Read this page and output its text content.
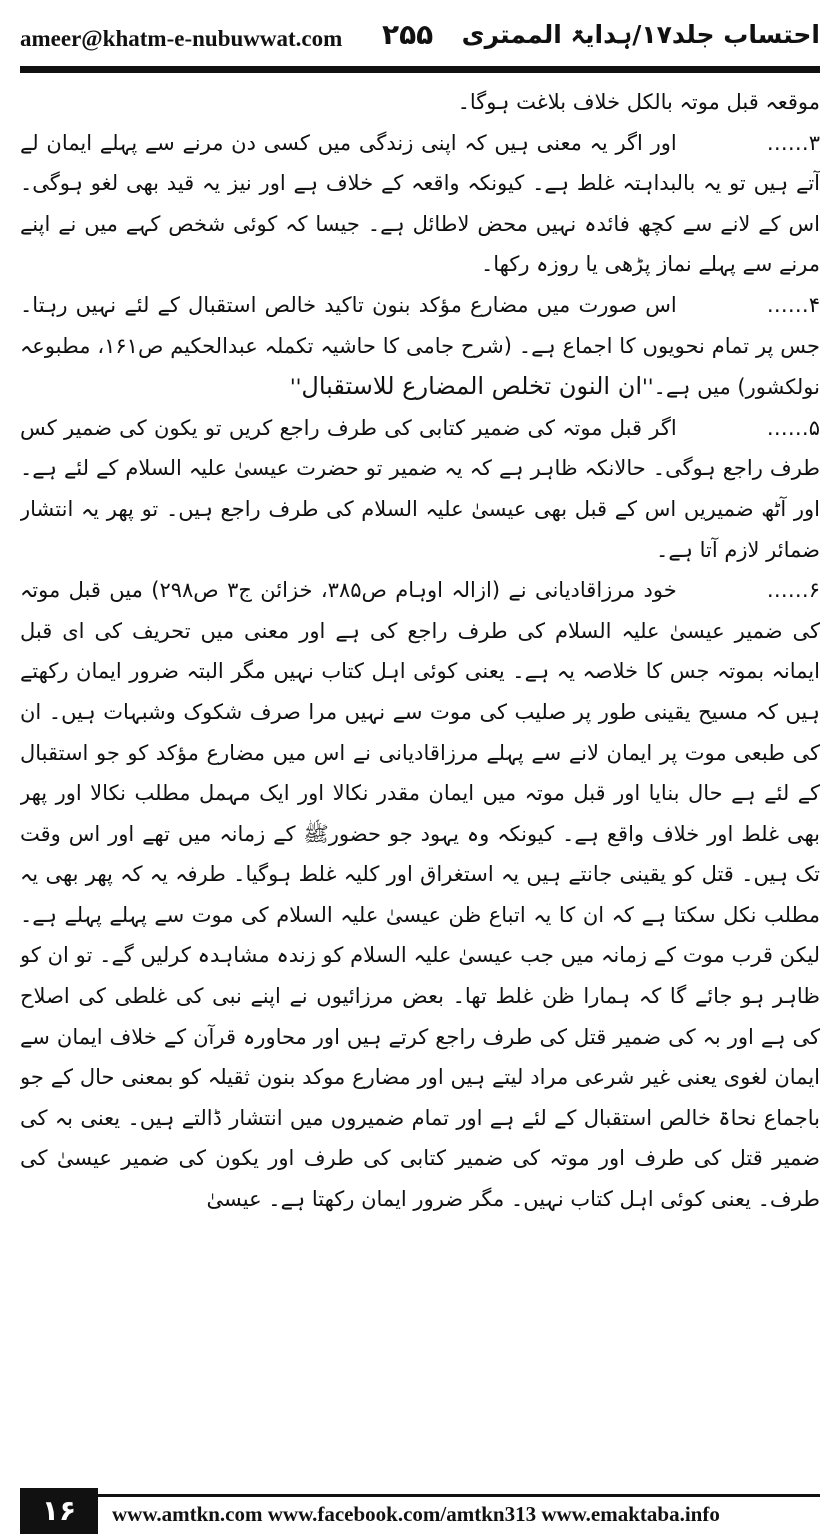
ameer@khatm-e-nubuwwat.com ۲۵۵ احتساب جلد۱۷/ہدایۃ الممتری

موقعہ قبل موتہ بالکل خلاف بلاغت ہوگا۔

۳……اور اگر یہ معنی ہیں کہ اپنی زندگی میں کسی دن مرنے سے پہلے ایمان لے آتے ہیں تو یہ بالبداہتہ غلط ہے۔ کیونکہ واقعہ کے خلاف ہے اور نیز یہ قید بھی لغو ہوگی۔ اس کے لانے سے کچھ فائدہ نہیں محض لاطائل ہے۔ جیسا کہ کوئی شخص کہے میں نے اپنے مرنے سے پہلے نماز پڑھی یا روزہ رکھا۔

۴……اس صورت میں مضارع مؤکد بنون تاکید خالص استقبال کے لئے نہیں رہتا۔ جس پر تمام نحویوں کا اجماع ہے۔ (شرح جامی کا حاشیہ تکملہ عبدالحکیم ص۱۶۱، مطبوعہ نولکشور) میں ہے۔''ان النون تخلص المضارع للاستقبال''

۵……اگر قبل موتہ کی ضمیر کتابی کی طرف راجع کریں تو یکون کی ضمیر کس طرف راجع ہوگی۔ حالانکہ ظاہر ہے کہ یہ ضمیر تو حضرت عیسیٰ علیہ السلام کے لئے ہے۔ اور آٹھ ضمیریں اس کے قبل بھی عیسیٰ علیہ السلام کی طرف راجع ہیں۔ تو پھر یہ انتشار ضمائر لازم آتا ہے۔

۶……خود مرزاقادیانی نے (ازالہ اوہام ص۳۸۵، خزائن ج۳ ص۲۹۸) میں قبل موتہ کی ضمیر عیسیٰ علیہ السلام کی طرف راجع کی ہے اور معنی میں تحریف کی ای قبل ایمانہ بموتہ جس کا خلاصہ یہ ہے۔ یعنی کوئی اہل کتاب نہیں مگر البتہ ضرور ایمان رکھتے ہیں کہ مسیح یقینی طور پر صلیب کی موت سے نہیں مرا صرف شکوک وشبہات ہیں۔ ان کی طبعی موت پر ایمان لانے سے پہلے مرزاقادیانی نے اس میں مضارع مؤکد کو جو استقبال کے لئے ہے حال بنایا اور قبل موتہ میں ایمان مقدر نکالا اور ایک مہمل مطلب نکالا اور پھر بھی غلط اور خلاف واقع ہے۔ کیونکہ وہ یہود جو حضورﷺ کے زمانہ میں تھے اور اس وقت تک ہیں۔ قتل کو یقینی جانتے ہیں یہ استغراق اور کلیہ غلط ہوگیا۔ طرفہ یہ کہ پھر بھی یہ مطلب نکل سکتا ہے کہ ان کا یہ اتباع ظن عیسیٰ علیہ السلام کی موت سے پہلے پہلے ہے۔ لیکن قرب موت کے زمانہ میں جب عیسیٰ علیہ السلام کو زندہ مشاہدہ کرلیں گے۔ تو ان کو ظاہر ہو جائے گا کہ ہمارا ظن غلط تھا۔ بعض مرزائیوں نے اپنے نبی کی غلطی کی اصلاح کی ہے اور بہ کی ضمیر قتل کی طرف راجع کرتے ہیں اور محاورہ قرآن کے خلاف ایمان سے ایمان لغوی یعنی غیر شرعی مراد لیتے ہیں اور مضارع موکد بنون ثقیلہ کو بمعنی حال کے جو باجماع نحاۃ خالص استقبال کے لئے ہے اور تمام ضمیروں میں انتشار ڈالتے ہیں۔ یعنی بہ کی ضمیر قتل کی طرف اور موتہ کی ضمیر کتابی کی طرف اور یکون کی ضمیر عیسیٰ کی طرف۔ یعنی کوئی اہل کتاب نہیں۔ مگر ضرور ایمان رکھتا ہے۔ عیسیٰ

۱۶	www.amtkn.com www.facebook.com/amtkn313 www.emaktaba.info
